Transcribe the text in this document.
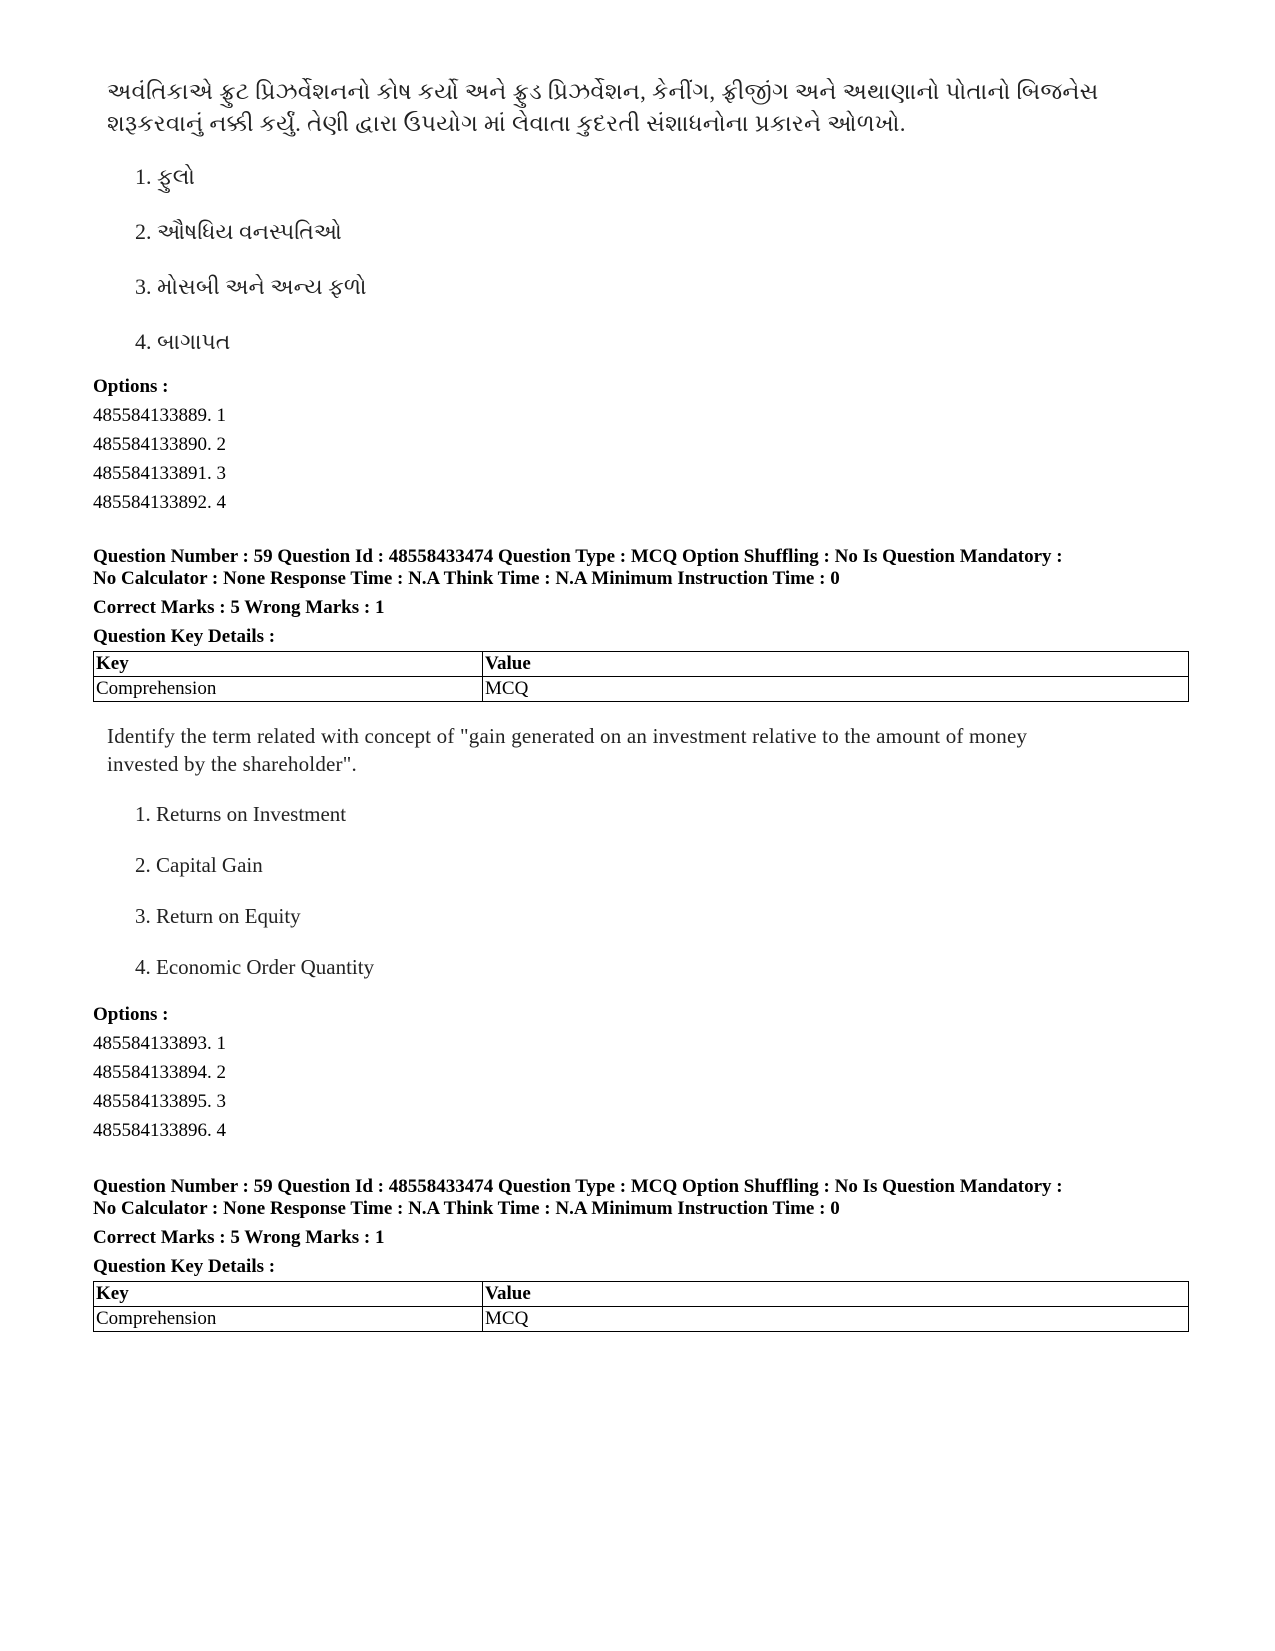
અવંતિકાએ ફ્રુટ પ્રિઝર્વેશનનો કોષ કર્યો અને ફ્રુડ પ્રિઝર્વેશન, કેનીંગ, ફ્રીજીંગ અને અથાણાનો પોતાનો બિજનેસ શરૂકરવાનું નક્કી કર્યું. તેણી દ્વારા ઉપયોગ માં લેવાતા કુદરતી સંશાધનોના પ્રકારને ઓળખો.

1. ફુલો
2. ઔષધિય વનસ્પતિઓ
3. મોસબી અને અન્ય ફળો
4. બાગાપત
Options :
485584133889. 1
485584133890. 2
485584133891. 3
485584133892. 4
Question Number : 59 Question Id : 48558433474 Question Type : MCQ Option Shuffling : No Is Question Mandatory :
No Calculator : None Response Time : N.A Think Time : N.A Minimum Instruction Time : 0
Correct Marks : 5 Wrong Marks : 1
Question Key Details :
Key	Value
Comprehension	MCQ

Identify the term related with concept of "gain generated on an investment relative to the amount of money invested by the shareholder".

1. Returns on Investment
2. Capital Gain
3. Return on Equity
4. Economic Order Quantity
Options :
485584133893. 1
485584133894. 2
485584133895. 3
485584133896. 4
Question Number : 59 Question Id : 48558433474 Question Type : MCQ Option Shuffling : No Is Question Mandatory :
No Calculator : None Response Time : N.A Think Time : N.A Minimum Instruction Time : 0
Correct Marks : 5 Wrong Marks : 1
Question Key Details :
Key	Value
Comprehension	MCQ
